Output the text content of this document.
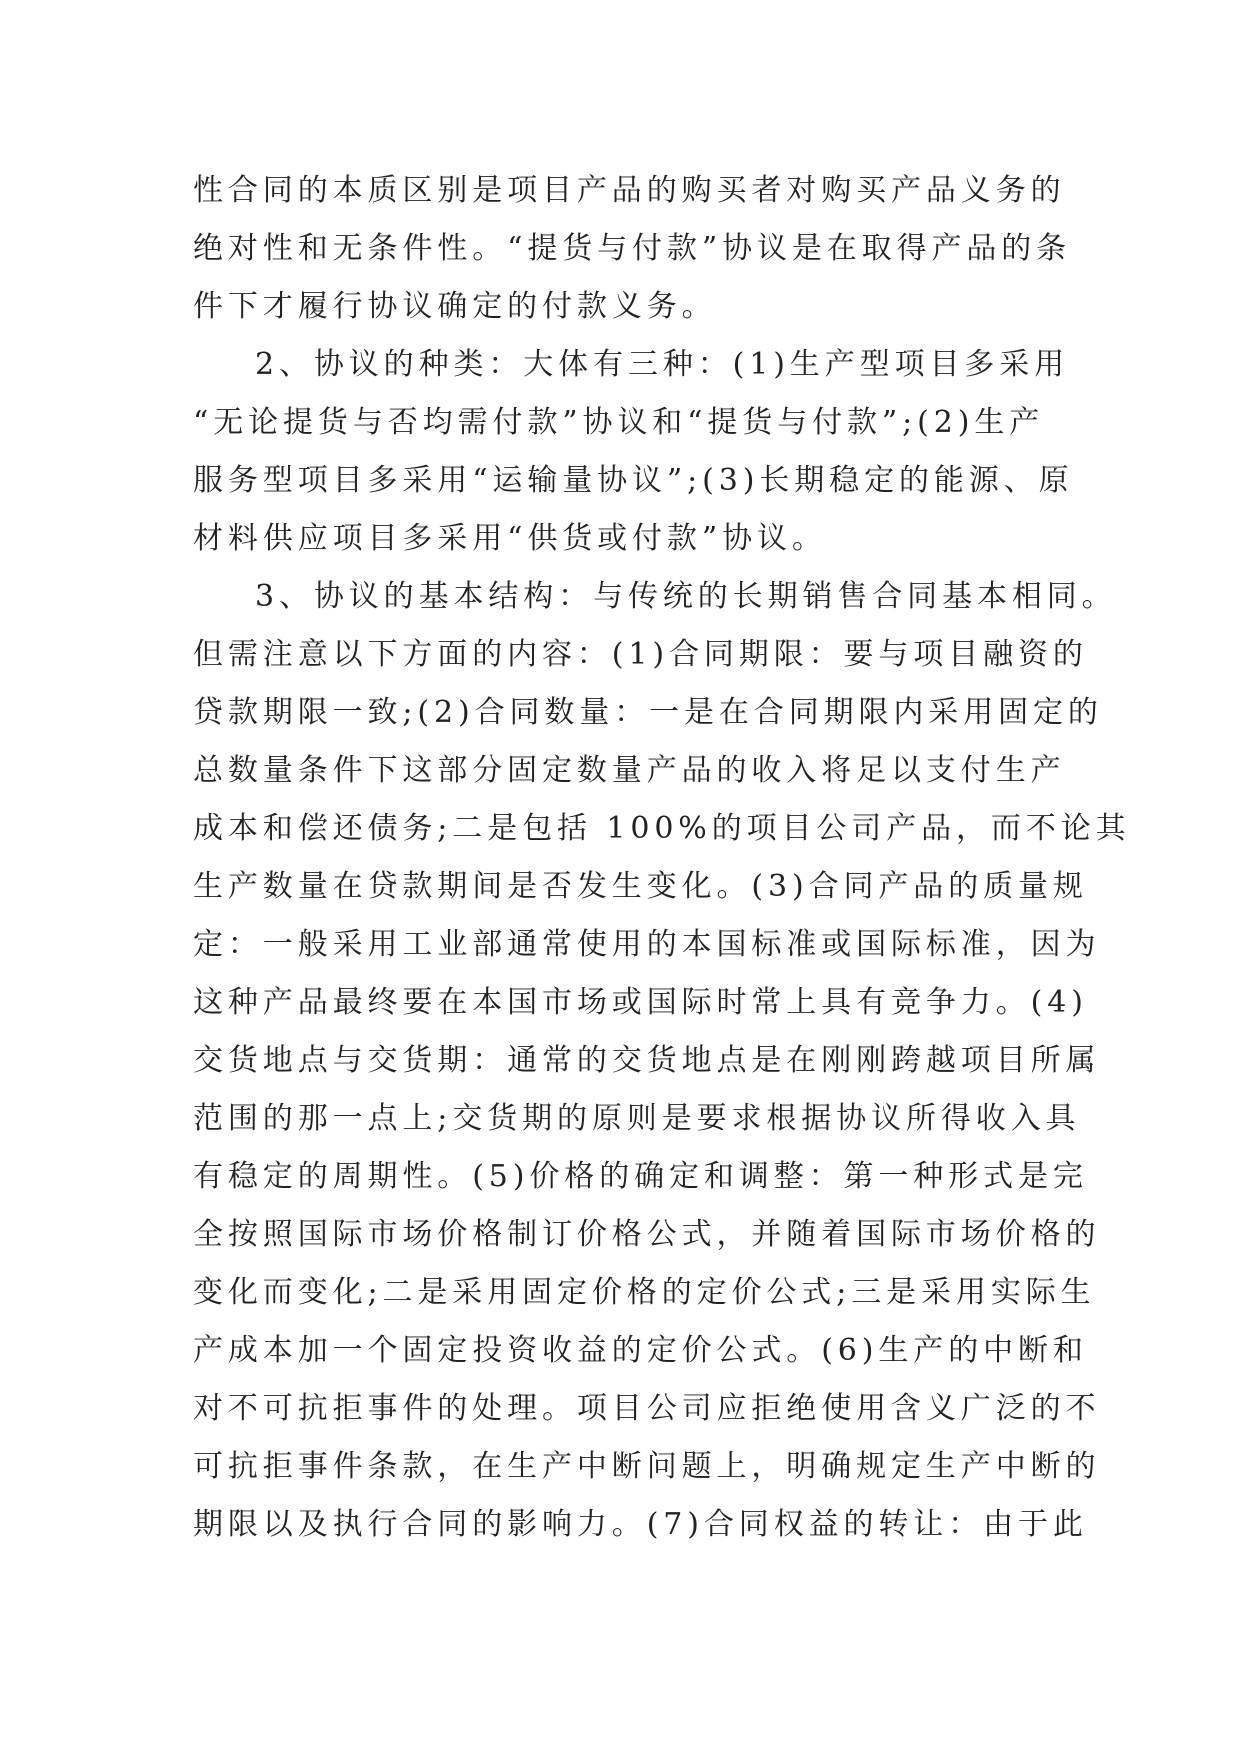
性合同的本质区别是项目产品的购买者对购买产品义务的
绝对性和无条件性。“提货与付款”协议是在取得产品的条
件下才履行协议确定的付款义务。
2、协议的种类：大体有三种：(1)生产型项目多采用
“无论提货与否均需付款”协议和“提货与付款”;(2)生产
服务型项目多采用“运输量协议”;(3)长期稳定的能源、原
材料供应项目多采用“供货或付款”协议。
3、协议的基本结构：与传统的长期销售合同基本相同。
但需注意以下方面的内容：(1)合同期限：要与项目融资的
贷款期限一致;(2)合同数量：一是在合同期限内采用固定的
总数量条件下这部分固定数量产品的收入将足以支付生产
成本和偿还债务;二是包括 100%的项目公司产品，而不论其
生产数量在贷款期间是否发生变化。(3)合同产品的质量规
定：一般采用工业部通常使用的本国标准或国际标准，因为
这种产品最终要在本国市场或国际时常上具有竞争力。(4)
交货地点与交货期：通常的交货地点是在刚刚跨越项目所属
范围的那一点上;交货期的原则是要求根据协议所得收入具
有稳定的周期性。(5)价格的确定和调整：第一种形式是完
全按照国际市场价格制订价格公式，并随着国际市场价格的
变化而变化;二是采用固定价格的定价公式;三是采用实际生
产成本加一个固定投资收益的定价公式。(6)生产的中断和
对不可抗拒事件的处理。项目公司应拒绝使用含义广泛的不
可抗拒事件条款，在生产中断问题上，明确规定生产中断的
期限以及执行合同的影响力。(7)合同权益的转让：由于此
